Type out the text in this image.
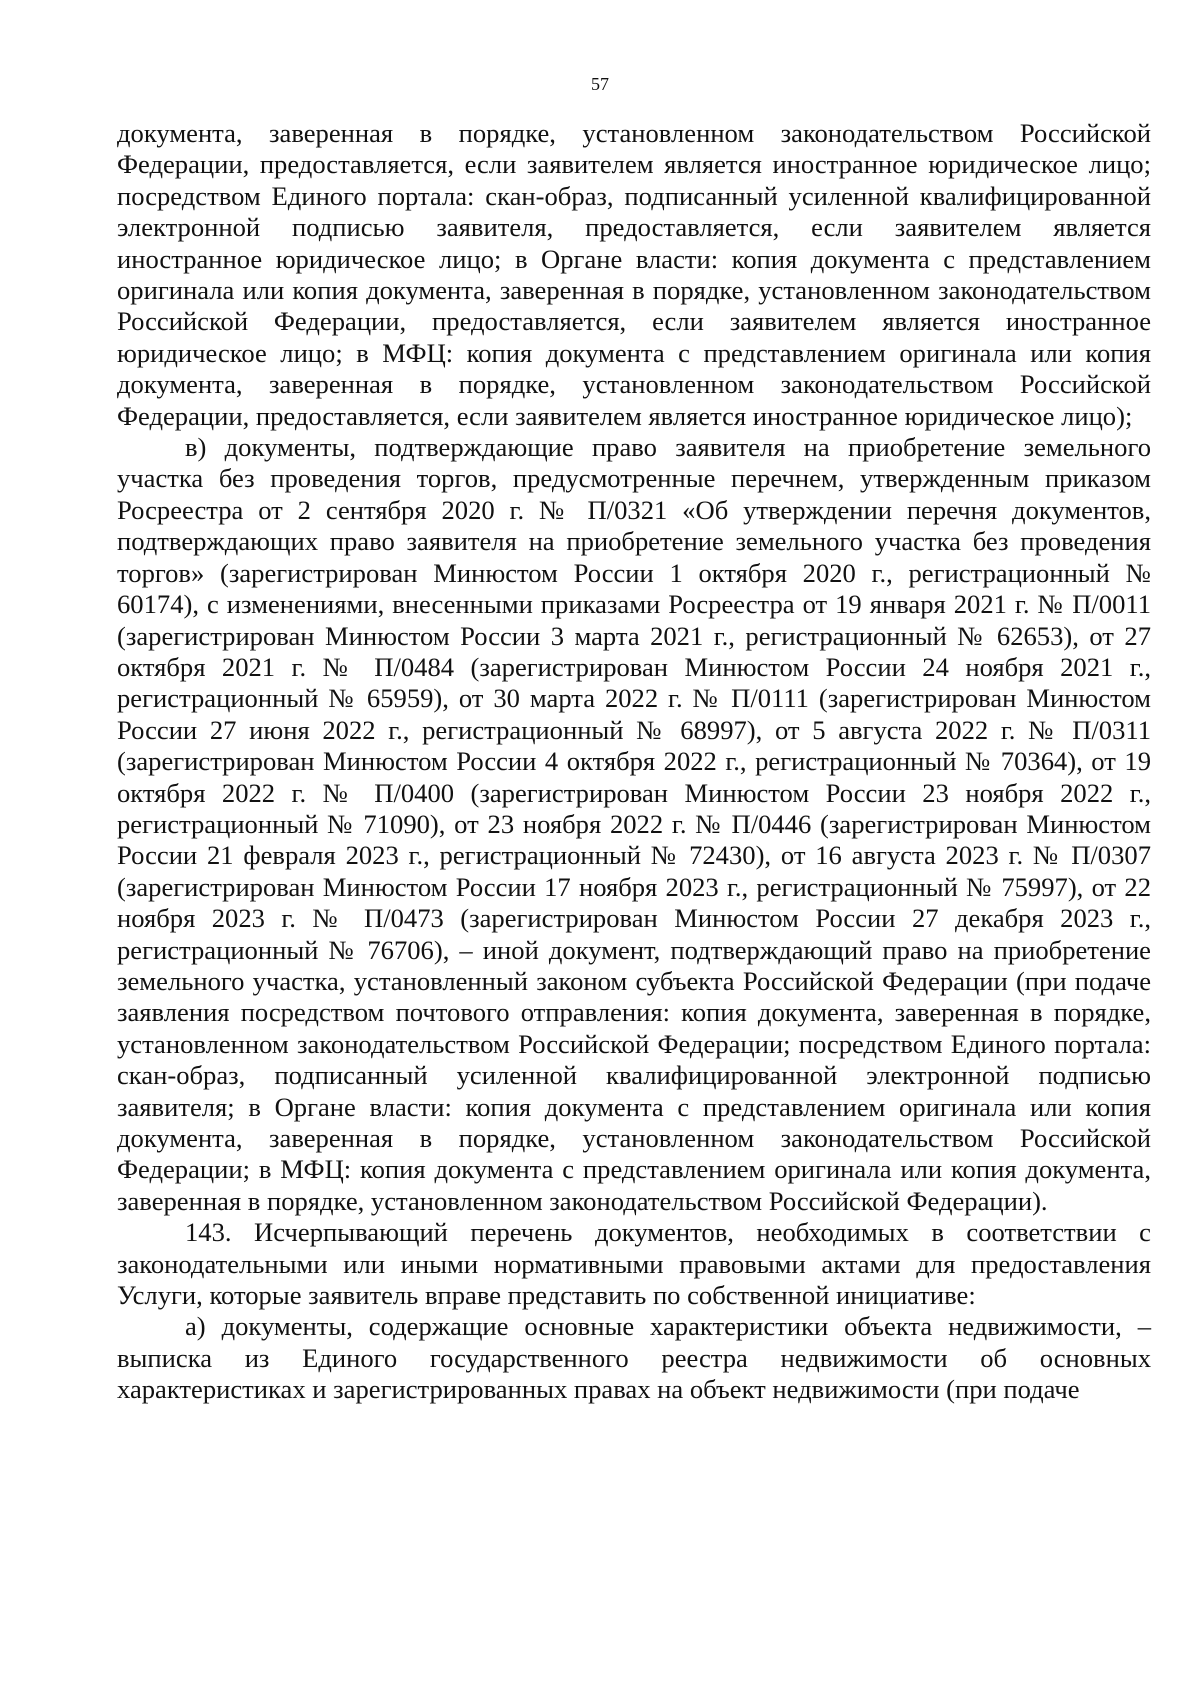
57

документа, заверенная в порядке, установленном законодательством Российской Федерации, предоставляется, если заявителем является иностранное юридическое лицо; посредством Единого портала: скан-образ, подписанный усиленной квалифицированной электронной подписью заявителя, предоставляется, если заявителем является иностранное юридическое лицо; в Органе власти: копия документа с представлением оригинала или копия документа, заверенная в порядке, установленном законодательством Российской Федерации, предоставляется, если заявителем является иностранное юридическое лицо; в МФЦ: копия документа с представлением оригинала или копия документа, заверенная в порядке, установленном законодательством Российской Федерации, предоставляется, если заявителем является иностранное юридическое лицо);

в) документы, подтверждающие право заявителя на приобретение земельного участка без проведения торгов, предусмотренные перечнем, утвержденным приказом Росреестра от 2 сентября 2020 г. № П/0321 «Об утверждении перечня документов, подтверждающих право заявителя на приобретение земельного участка без проведения торгов» (зарегистрирован Минюстом России 1 октября 2020 г., регистрационный № 60174), с изменениями, внесенными приказами Росреестра от 19 января 2021 г. № П/0011 (зарегистрирован Минюстом России 3 марта 2021 г., регистрационный № 62653), от 27 октября 2021 г. № П/0484 (зарегистрирован Минюстом России 24 ноября 2021 г., регистрационный № 65959), от 30 марта 2022 г. № П/0111 (зарегистрирован Минюстом России 27 июня 2022 г., регистрационный № 68997), от 5 августа 2022 г. № П/0311 (зарегистрирован Минюстом России 4 октября 2022 г., регистрационный № 70364), от 19 октября 2022 г. № П/0400 (зарегистрирован Минюстом России 23 ноября 2022 г., регистрационный № 71090), от 23 ноября 2022 г. № П/0446 (зарегистрирован Минюстом России 21 февраля 2023 г., регистрационный № 72430), от 16 августа 2023 г. № П/0307 (зарегистрирован Минюстом России 17 ноября 2023 г., регистрационный № 75997), от 22 ноября 2023 г. № П/0473 (зарегистрирован Минюстом России 27 декабря 2023 г., регистрационный № 76706), – иной документ, подтверждающий право на приобретение земельного участка, установленный законом субъекта Российской Федерации (при подаче заявления посредством почтового отправления: копия документа, заверенная в порядке, установленном законодательством Российской Федерации; посредством Единого портала: скан-образ, подписанный усиленной квалифицированной электронной подписью заявителя; в Органе власти: копия документа с представлением оригинала или копия документа, заверенная в порядке, установленном законодательством Российской Федерации; в МФЦ: копия документа с представлением оригинала или копия документа, заверенная в порядке, установленном законодательством Российской Федерации).

143. Исчерпывающий перечень документов, необходимых в соответствии с законодательными или иными нормативными правовыми актами для предоставления Услуги, которые заявитель вправе представить по собственной инициативе:

а) документы, содержащие основные характеристики объекта недвижимости, – выписка из Единого государственного реестра недвижимости об основных характеристиках и зарегистрированных правах на объект недвижимости (при подаче
